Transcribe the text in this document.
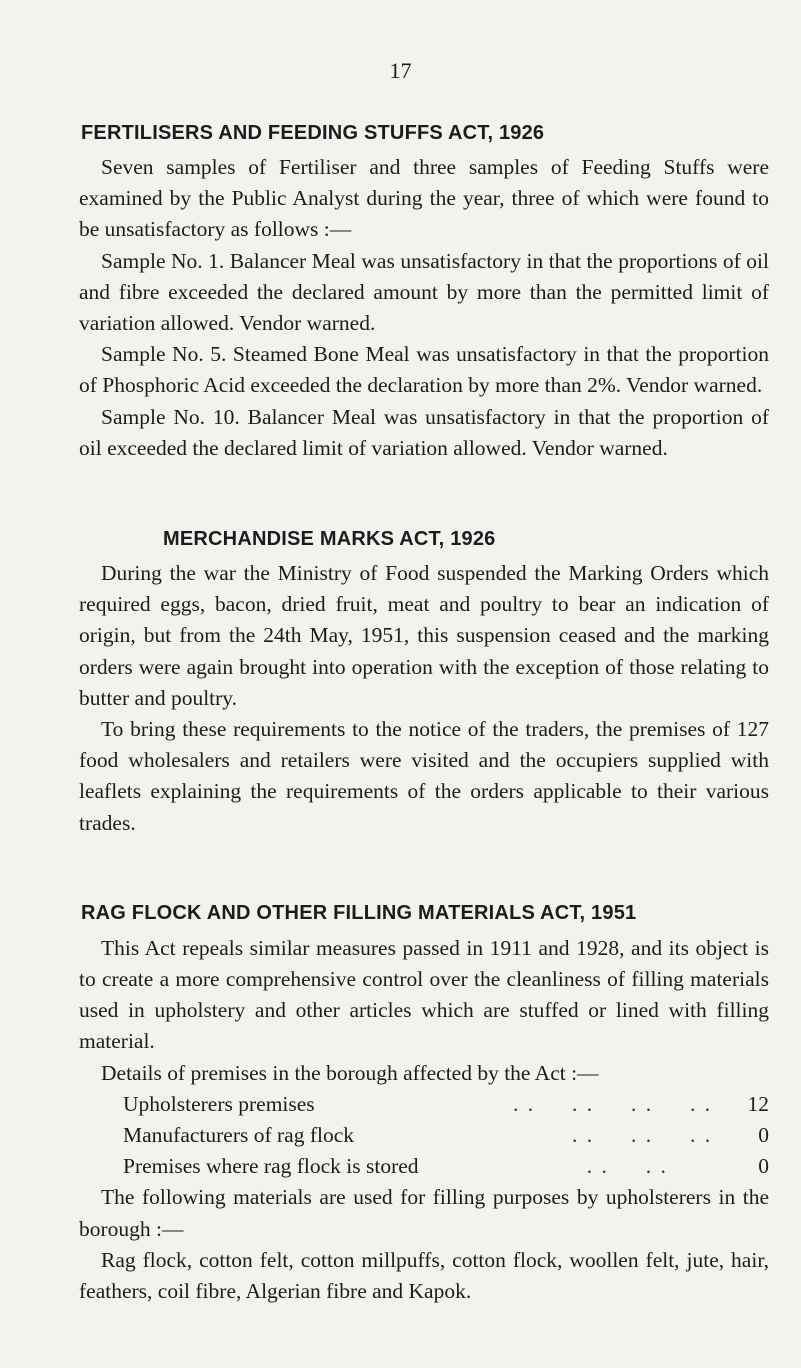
17
FERTILISERS AND FEEDING STUFFS ACT, 1926

Seven samples of Fertiliser and three samples of Feeding Stuffs were examined by the Public Analyst during the year, three of which were found to be unsatisfactory as follows :—

Sample No. 1. Balancer Meal was unsatisfactory in that the proportions of oil and fibre exceeded the declared amount by more than the permitted limit of variation allowed. Vendor warned.

Sample No. 5. Steamed Bone Meal was unsatisfactory in that the proportion of Phosphoric Acid exceeded the declaration by more than 2%. Vendor warned.

Sample No. 10. Balancer Meal was unsatisfactory in that the proportion of oil exceeded the declared limit of variation allowed. Vendor warned.

MERCHANDISE MARKS ACT, 1926

During the war the Ministry of Food suspended the Marking Orders which required eggs, bacon, dried fruit, meat and poultry to bear an indication of origin, but from the 24th May, 1951, this suspension ceased and the marking orders were again brought into operation with the exception of those relating to butter and poultry.

To bring these requirements to the notice of the traders, the premises of 127 food wholesalers and retailers were visited and the occupiers supplied with leaflets explaining the requirements of the orders applicable to their various trades.

RAG FLOCK AND OTHER FILLING MATERIALS ACT, 1951

This Act repeals similar measures passed in 1911 and 1928, and its object is to create a more comprehensive control over the cleanliness of filling materials used in upholstery and other articles which are stuffed or lined with filling material.

Details of premises in the borough affected by the Act :—

Upholsterers premises	. .     . .     . .     . .	12
Manufacturers of rag flock	. .     . .     . .	0
Premises where rag flock is stored	. .     . .	0

The following materials are used for filling purposes by upholsterers in the borough :—

Rag flock, cotton felt, cotton millpuffs, cotton flock, woollen felt, jute, hair, feathers, coil fibre, Algerian fibre and Kapok.
